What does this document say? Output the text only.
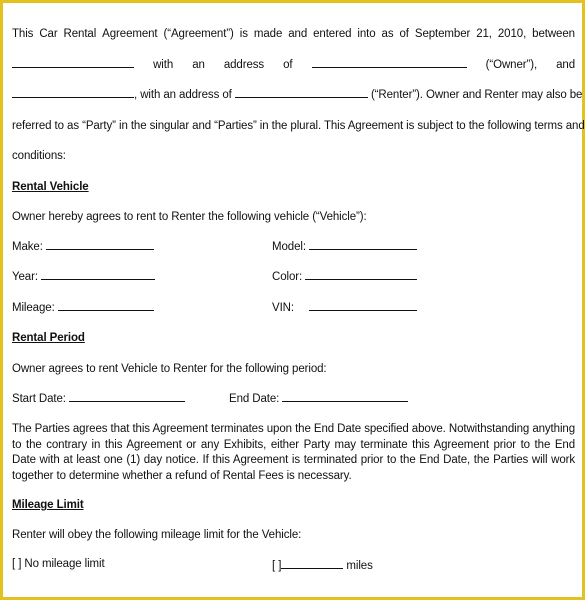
This Car Rental Agreement (“Agreement”) is made and entered into as of September 21, 2010, between
with an address of	(“Owner”), and
, with an address of	(“Renter”). Owner and Renter may also be
referred to as “Party” in the singular and “Parties” in the plural. This Agreement is subject to the following terms and
conditions:
Rental Vehicle
Owner hereby agrees to rent to Renter the following vehicle (“Vehicle”):
Make:	Model:
Year:	Color:
Mileage:	VIN:
Rental Period
Owner agrees to rent Vehicle to Renter for the following period:
Start Date:	End Date:
The Parties agrees that this Agreement terminates upon the End Date specified above. Notwithstanding anything to the contrary in this Agreement or any Exhibits, either Party may terminate this Agreement prior to the End Date with at least one (1) day notice. If this Agreement is terminated prior to the End Date, the Parties will work together to determine whether a refund of Rental Fees is necessary.
Mileage Limit
Renter will obey the following mileage limit for the Vehicle:
[ ] No mileage limit	[ ]	miles
